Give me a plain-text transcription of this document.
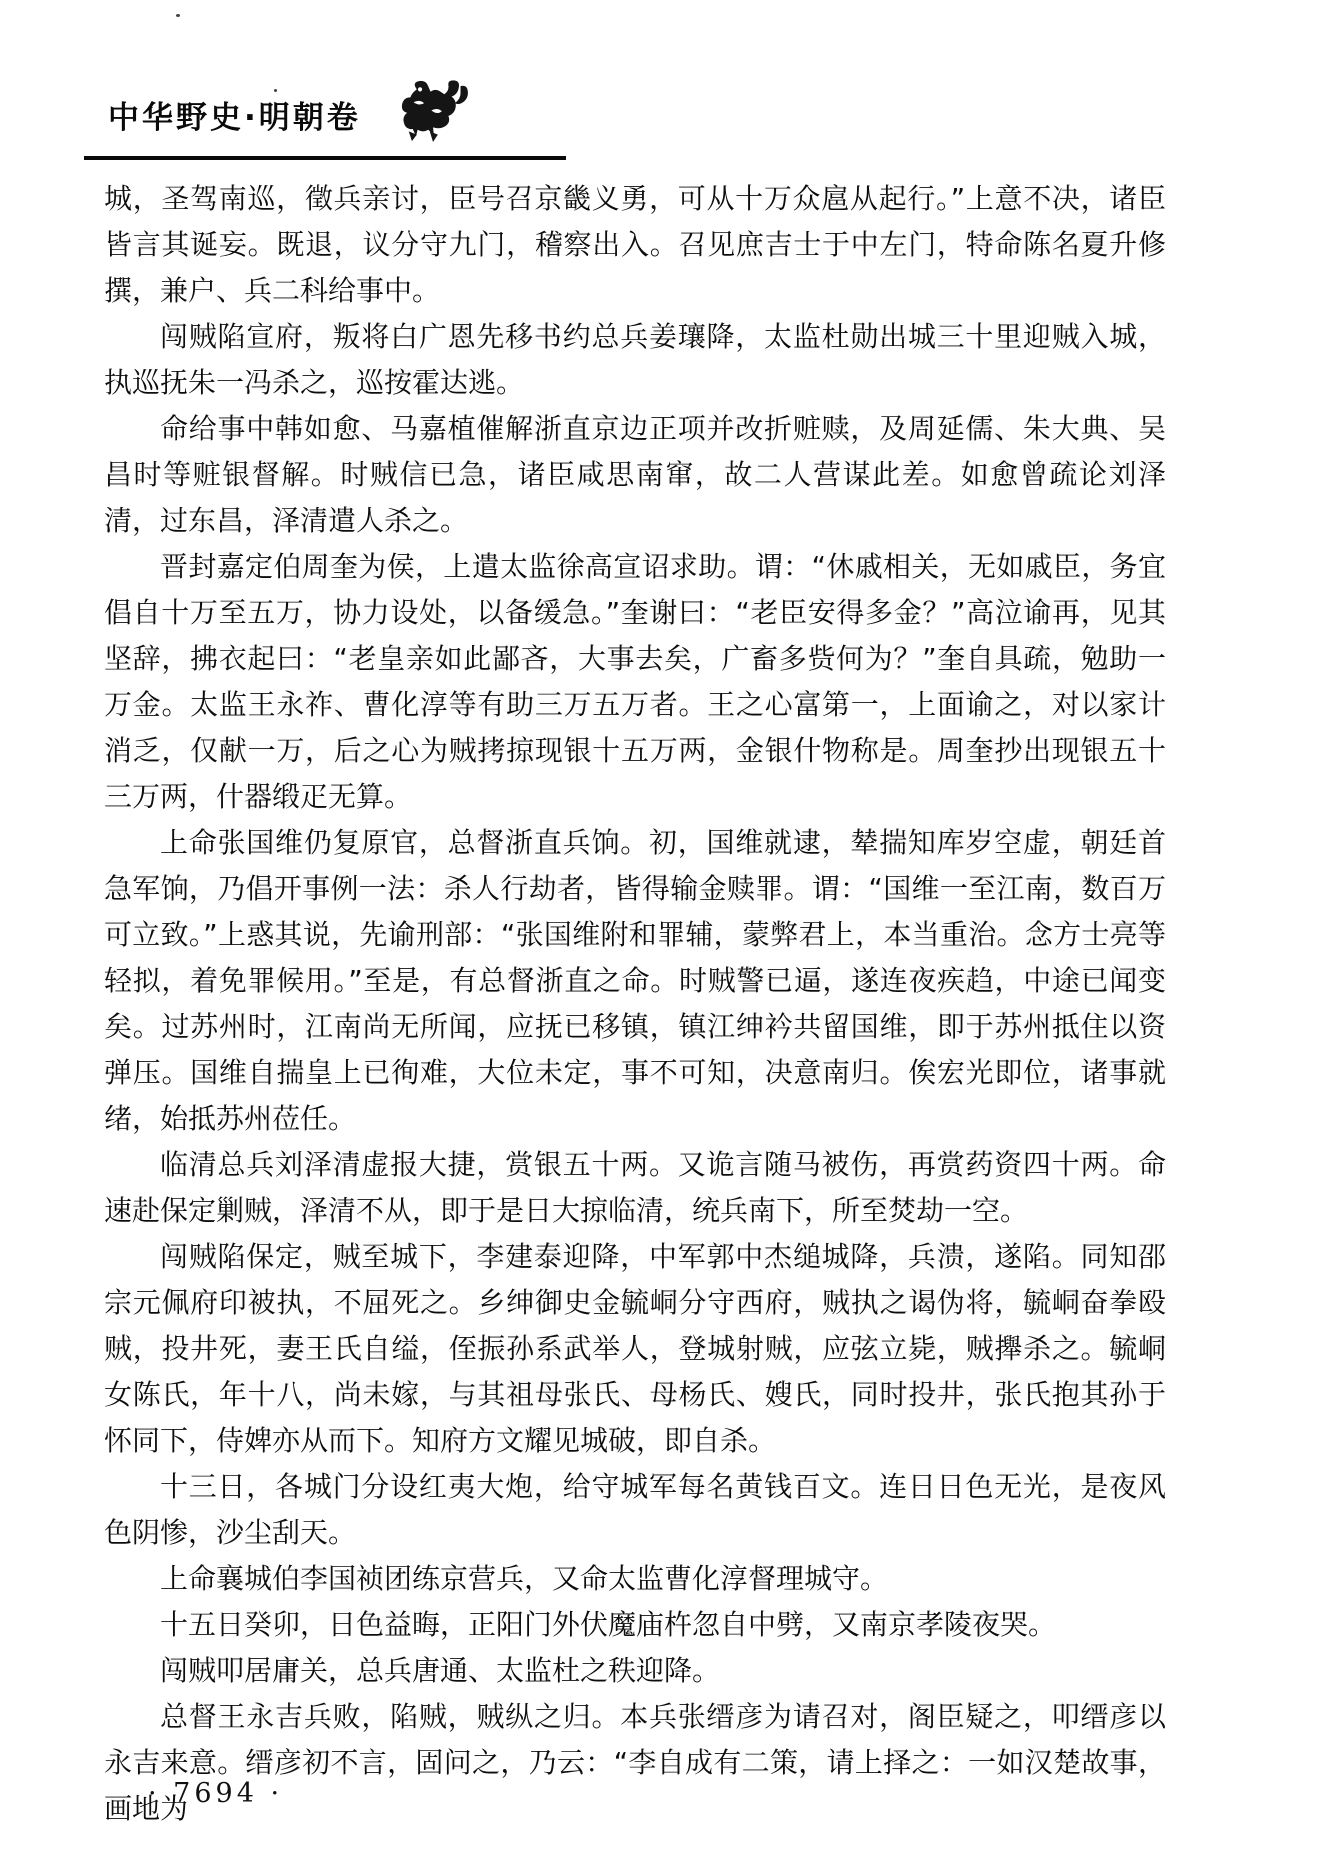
中华野史·明朝卷

城，圣驾南巡，徵兵亲讨，臣号召京畿义勇，可从十万众扈从起行。”上意不决，诸臣皆言其诞妄。既退，议分守九门，稽察出入。召见庶吉士于中左门，特命陈名夏升修撰，兼户、兵二科给事中。

闯贼陷宣府，叛将白广恩先移书约总兵姜瓖降，太监杜勋出城三十里迎贼入城，执巡抚朱一冯杀之，巡按霍达逃。

命给事中韩如愈、马嘉植催解浙直京边正项并改折赃赎，及周延儒、朱大典、吴昌时等赃银督解。时贼信已急，诸臣咸思南窜，故二人营谋此差。如愈曾疏论刘泽清，过东昌，泽清遣人杀之。

晋封嘉定伯周奎为侯，上遣太监徐高宣诏求助。谓：“休戚相关，无如戚臣，务宜倡自十万至五万，协力设处，以备缓急。”奎谢曰：“老臣安得多金？”高泣谕再，见其坚辞，拂衣起曰：“老皇亲如此鄙吝，大事去矣，广畜多赀何为？”奎自具疏，勉助一万金。太监王永祚、曹化淳等有助三万五万者。王之心富第一，上面谕之，对以家计消乏，仅献一万，后之心为贼拷掠现银十五万两，金银什物称是。周奎抄出现银五十三万两，什器缎疋无算。

上命张国维仍复原官，总督浙直兵饷。初，国维就逮，辇揣知库岁空虚，朝廷首急军饷，乃倡开事例一法：杀人行劫者，皆得输金赎罪。谓：“国维一至江南，数百万可立致。”上惑其说，先谕刑部：“张国维附和罪辅，蒙弊君上，本当重治。念方士亮等轻拟，着免罪候用。”至是，有总督浙直之命。时贼警已逼，遂连夜疾趋，中途已闻变矣。过苏州时，江南尚无所闻，应抚已移镇，镇江绅衿共留国维，即于苏州抵住以资弹压。国维自揣皇上已徇难，大位未定，事不可知，决意南归。俟宏光即位，诸事就绪，始抵苏州莅任。

临清总兵刘泽清虚报大捷，赏银五十两。又诡言随马被伤，再赏药资四十两。命速赴保定剿贼，泽清不从，即于是日大掠临清，统兵南下，所至焚劫一空。

闯贼陷保定，贼至城下，李建泰迎降，中军郭中杰缒城降，兵溃，遂陷。同知邵宗元佩府印被执，不屈死之。乡绅御史金毓峒分守西府，贼执之谒伪将，毓峒奋拳殴贼，投井死，妻王氏自缢，侄振孙系武举人，登城射贼，应弦立毙，贼攑杀之。毓峒女陈氏，年十八，尚未嫁，与其祖母张氏、母杨氏、嫂氏，同时投井，张氏抱其孙于怀同下，侍婢亦从而下。知府方文耀见城破，即自杀。

十三日，各城门分设红夷大炮，给守城军每名黄钱百文。连日日色无光，是夜风色阴惨，沙尘刮天。

上命襄城伯李国祯团练京营兵，又命太监曹化淳督理城守。

十五日癸卯，日色益晦，正阳门外伏魔庙杵忽自中劈，又南京孝陵夜哭。

闯贼叩居庸关，总兵唐通、太监杜之秩迎降。

总督王永吉兵败，陷贼，贼纵之归。本兵张缙彦为请召对，阁臣疑之，叩缙彦以永吉来意。缙彦初不言，固问之，乃云：“李自成有二策，请上择之：一如汉楚故事，画地为

· 7694 ·
